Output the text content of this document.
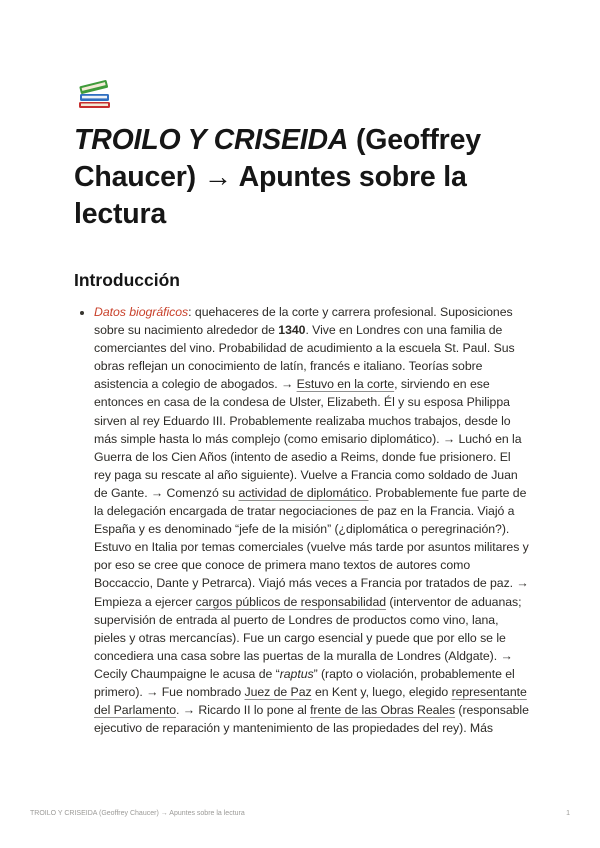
TROILO Y CRISEIDA (Geoffrey Chaucer) → Apuntes sobre la lectura
Introducción
• Datos biográficos: quehaceres de la corte y carrera profesional. Suposiciones sobre su nacimiento alrededor de 1340. Vive en Londres con una familia de comerciantes del vino. Probabilidad de acudimiento a la escuela St. Paul. Sus obras reflejan un conocimiento de latín, francés e italiano. Teorías sobre asistencia a colegio de abogados. → Estuvo en la corte, sirviendo en ese entonces en casa de la condesa de Ulster, Elizabeth. Él y su esposa Philippa sirven al rey Eduardo III. Probablemente realizaba muchos trabajos, desde lo más simple hasta lo más complejo (como emisario diplomático). → Luchó en la Guerra de los Cien Años (intento de asedio a Reims, donde fue prisionero. El rey paga su rescate al año siguiente). Vuelve a Francia como soldado de Juan de Gante. → Comenzó su actividad de diplomático. Probablemente fue parte de la delegación encargada de tratar negociaciones de paz en la Francia. Viajó a España y es denominado “jefe de la misión” (¿diplomática o peregrinación?). Estuvo en Italia por temas comerciales (vuelve más tarde por asuntos militares y por eso se cree que conoce de primera mano textos de autores como Boccaccio, Dante y Petrarca). Viajó más veces a Francia por tratados de paz. → Empieza a ejercer cargos públicos de responsabilidad (interventor de aduanas; supervisión de entrada al puerto de Londres de productos como vino, lana, pieles y otras mercancías). Fue un cargo esencial y puede que por ello se le concediera una casa sobre las puertas de la muralla de Londres (Aldgate). → Cecily Chaumpaigne le acusa de “raptus” (rapto o violación, probablemente el primero). → Fue nombrado Juez de Paz en Kent y, luego, elegido representante del Parlamento. → Ricardo II lo pone al frente de las Obras Reales (responsable ejecutivo de reparación y mantenimiento de las propiedades del rey). Más
TROILO Y CRISEIDA (Geoffrey Chaucer) → Apuntes sobre la lectura	1
